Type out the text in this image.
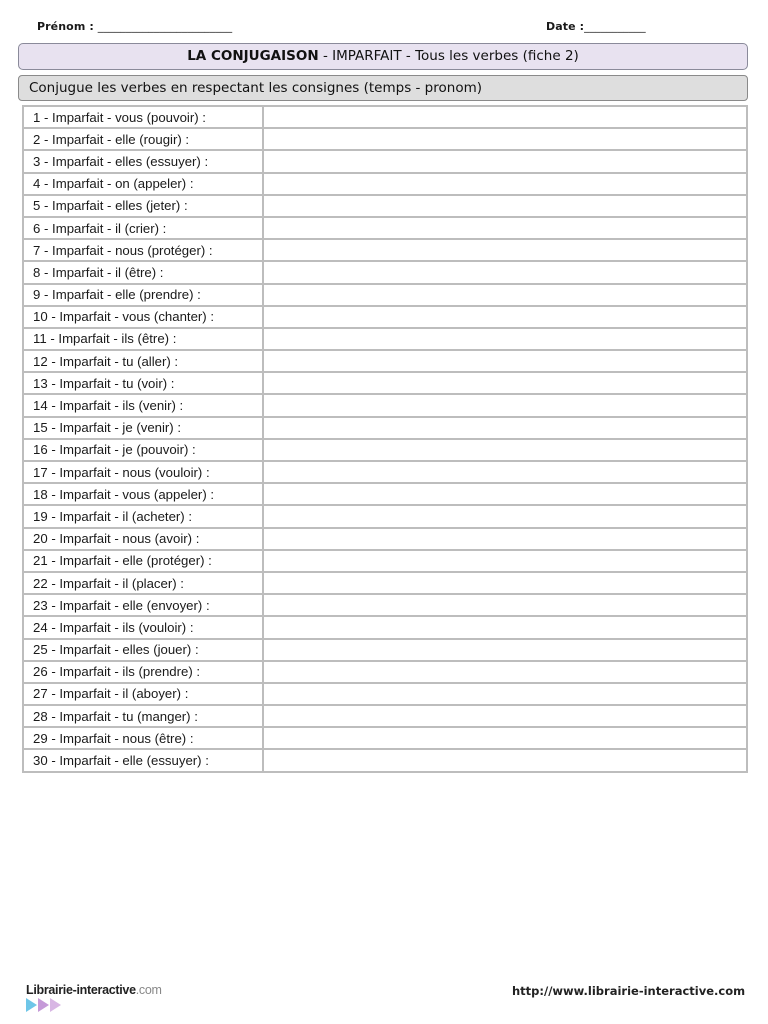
Prénom : ________________________	Date :___________
LA CONJUGAISON - IMPARFAIT - Tous les verbes (fiche 2)
Conjugue les verbes en respectant les consignes (temps - pronom)
1 - Imparfait - vous (pouvoir) :	
2 - Imparfait - elle (rougir) :	
3 - Imparfait - elles (essuyer) :	
4 - Imparfait - on (appeler) :	
5 - Imparfait - elles (jeter) :	
6 - Imparfait - il (crier) :	
7 - Imparfait - nous (protéger) :	
8 - Imparfait - il (être) :	
9 - Imparfait - elle (prendre) :	
10 - Imparfait - vous (chanter) :	
11 - Imparfait - ils (être) :	
12 - Imparfait - tu (aller) :	
13 - Imparfait - tu (voir) :	
14 - Imparfait - ils (venir) :	
15 - Imparfait - je (venir) :	
16 - Imparfait - je (pouvoir) :	
17 - Imparfait - nous (vouloir) :	
18 - Imparfait - vous (appeler) :	
19 - Imparfait - il (acheter) :	
20 - Imparfait - nous (avoir) :	
21 - Imparfait - elle (protéger) :	
22 - Imparfait - il (placer) :	
23 - Imparfait - elle (envoyer) :	
24 - Imparfait - ils (vouloir) :	
25 - Imparfait - elles (jouer) :	
26 - Imparfait - ils (prendre) :	
27 - Imparfait - il (aboyer) :	
28 - Imparfait - tu (manger) :	
29 - Imparfait - nous (être) :	
30 - Imparfait - elle (essuyer) :	
Librairie-interactive.com	http://www.librairie-interactive.com
